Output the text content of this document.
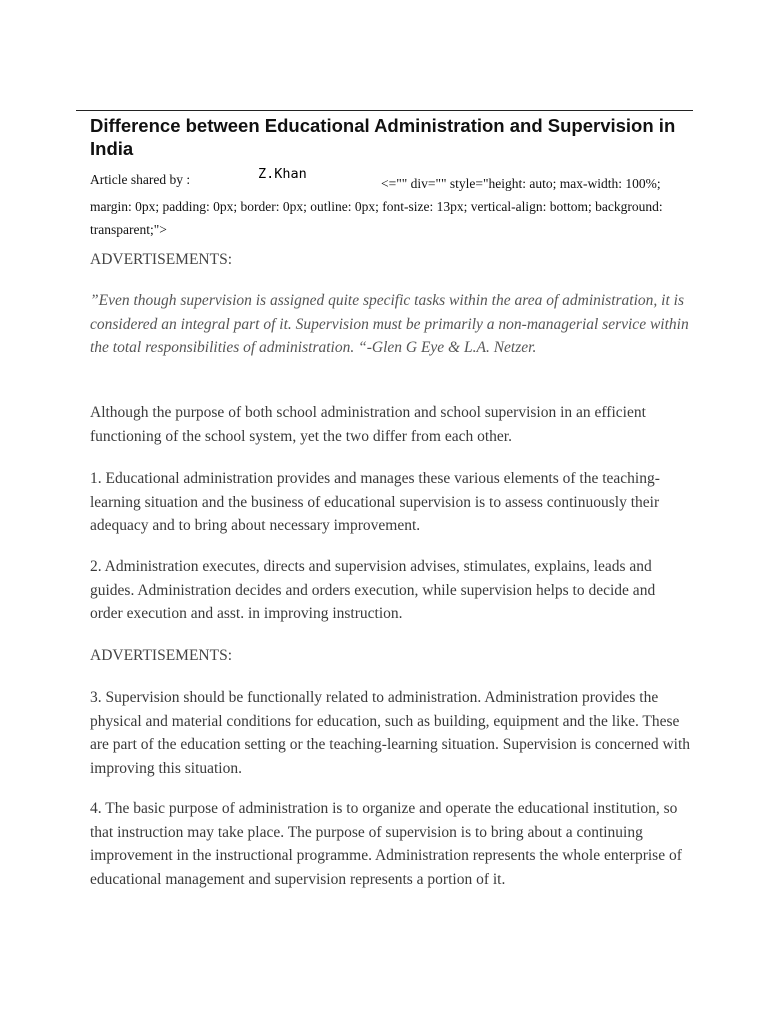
Difference between Educational Administration and Supervision in India
Article shared by :	Z.Khan
<="" div="" style="height: auto; max-width: 100%; margin: 0px; padding: 0px; border: 0px; outline: 0px; font-size: 13px; vertical-align: bottom; background: transparent;">

ADVERTISEMENTS:

”Even though supervision is assigned quite specific tasks within the area of administration, it is considered an integral part of it. Supervision must be primarily a non-managerial service within the total responsibilities of administration. “-Glen G Eye & L.A. Netzer.

Although the purpose of both school administration and school supervision in an efficient functioning of the school system, yet the two differ from each other.

1. Educational administration provides and manages these various elements of the teaching-learning situation and the business of educational supervision is to assess continuously their adequacy and to bring about necessary improvement.

2. Administration executes, directs and supervision advises, stimulates, explains, leads and guides. Administration decides and orders execution, while supervision helps to decide and order execution and asst. in improving instruction.

ADVERTISEMENTS:

3. Supervision should be functionally related to administration. Administration provides the physical and material conditions for education, such as building, equipment and the like. These are part of the education setting or the teaching-learning situation. Supervision is concerned with improving this situation.

4. The basic purpose of administration is to organize and operate the educational institution, so that instruction may take place. The purpose of supervision is to bring about a continuing improvement in the instructional programme. Administration represents the whole enterprise of educational management and supervision represents a portion of it.
